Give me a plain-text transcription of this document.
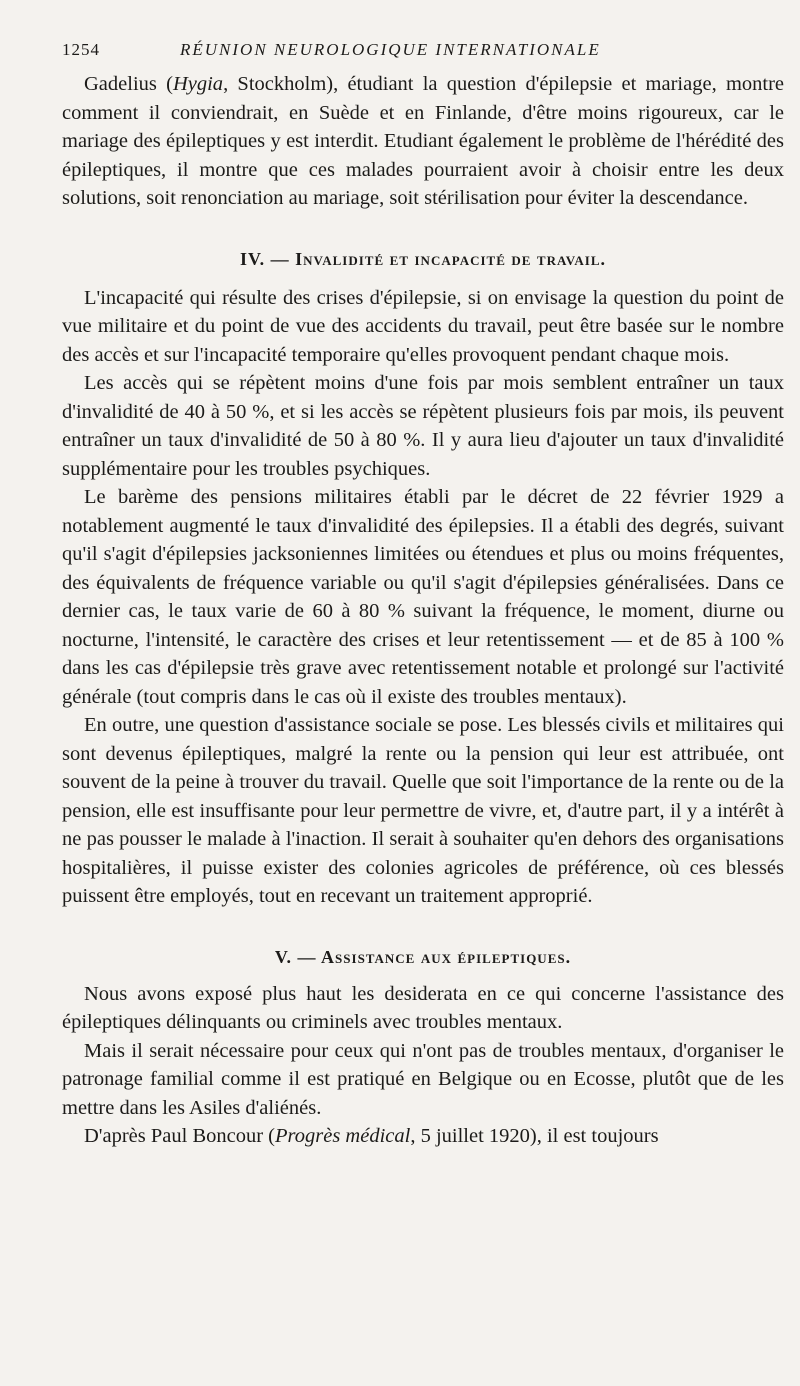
1254	RÉUNION NEUROLOGIQUE INTERNATIONALE

Gadelius (Hygia, Stockholm), étudiant la question d'épilepsie et mariage, montre comment il conviendrait, en Suède et en Finlande, d'être moins rigoureux, car le mariage des épileptiques y est interdit. Etudiant également le problème de l'hérédité des épileptiques, il montre que ces malades pourraient avoir à choisir entre les deux solutions, soit renonciation au mariage, soit stérilisation pour éviter la descendance.

IV. — Invalidité et incapacité de travail.

L'incapacité qui résulte des crises d'épilepsie, si on envisage la question du point de vue militaire et du point de vue des accidents du travail, peut être basée sur le nombre des accès et sur l'incapacité temporaire qu'elles provoquent pendant chaque mois.

Les accès qui se répètent moins d'une fois par mois semblent entraîner un taux d'invalidité de 40 à 50 %, et si les accès se répètent plusieurs fois par mois, ils peuvent entraîner un taux d'invalidité de 50 à 80 %. Il y aura lieu d'ajouter un taux d'invalidité supplémentaire pour les troubles psychiques.

Le barème des pensions militaires établi par le décret de 22 février 1929 a notablement augmenté le taux d'invalidité des épilepsies. Il a établi des degrés, suivant qu'il s'agit d'épilepsies jacksoniennes limitées ou étendues et plus ou moins fréquentes, des équivalents de fréquence variable ou qu'il s'agit d'épilepsies généralisées. Dans ce dernier cas, le taux varie de 60 à 80 % suivant la fréquence, le moment, diurne ou nocturne, l'intensité, le caractère des crises et leur retentissement — et de 85 à 100 % dans les cas d'épilepsie très grave avec retentissement notable et prolongé sur l'activité générale (tout compris dans le cas où il existe des troubles mentaux).

En outre, une question d'assistance sociale se pose. Les blessés civils et militaires qui sont devenus épileptiques, malgré la rente ou la pension qui leur est attribuée, ont souvent de la peine à trouver du travail. Quelle que soit l'importance de la rente ou de la pension, elle est insuffisante pour leur permettre de vivre, et, d'autre part, il y a intérêt à ne pas pousser le malade à l'inaction. Il serait à souhaiter qu'en dehors des organisations hospitalières, il puisse exister des colonies agricoles de préférence, où ces blessés puissent être employés, tout en recevant un traitement approprié.

V. — Assistance aux épileptiques.

Nous avons exposé plus haut les desiderata en ce qui concerne l'assistance des épileptiques délinquants ou criminels avec troubles mentaux.

Mais il serait nécessaire pour ceux qui n'ont pas de troubles mentaux, d'organiser le patronage familial comme il est pratiqué en Belgique ou en Ecosse, plutôt que de les mettre dans les Asiles d'aliénés.

D'après Paul Boncour (Progrès médical, 5 juillet 1920), il est toujours
